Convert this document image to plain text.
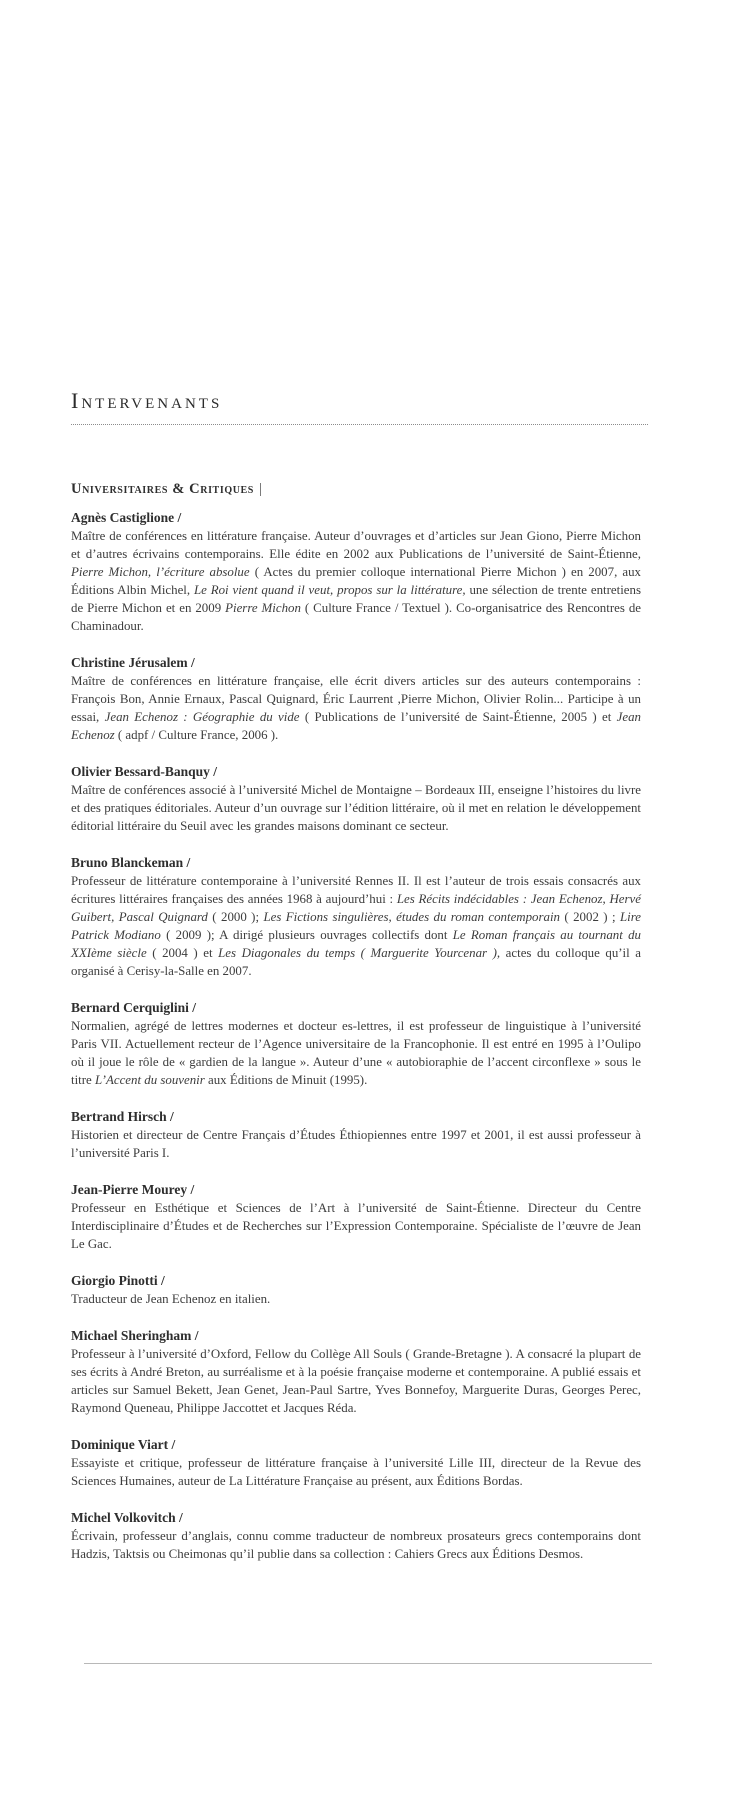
Intervenants
Universitaires & Critiques |
Agnès Castiglione /

Maître de conférences en littérature française. Auteur d’ouvrages et d’articles sur Jean Giono, Pierre Michon et d’autres écrivains contemporains. Elle édite en 2002 aux Publications de l’université de Saint-Étienne, Pierre Michon, l’écriture absolue ( Actes du premier colloque international Pierre Michon ) en 2007, aux Éditions Albin Michel, Le Roi vient quand il veut, propos sur la littérature, une sélection de trente entretiens de Pierre Michon et en 2009 Pierre Michon ( Culture France / Textuel ). Co-organisatrice des Rencontres de Chaminadour.

Christine Jérusalem /

Maître de conférences en littérature française, elle écrit divers articles sur des auteurs contemporains : François Bon, Annie Ernaux, Pascal Quignard, Éric Laurrent ,Pierre Michon, Olivier Rolin... Participe à un essai, Jean Echenoz : Géographie du vide ( Publications de l’université de Saint-Étienne, 2005 ) et Jean Echenoz ( adpf / Culture France, 2006 ).

Olivier Bessard-Banquy /

Maître de conférences associé à l’université Michel de Montaigne – Bordeaux III, enseigne l’histoires du livre et des pratiques éditoriales. Auteur d’un ouvrage sur l’édition littéraire, où il met en relation le développement éditorial littéraire du Seuil avec les grandes maisons dominant ce secteur.

Bruno Blanckeman /

Professeur de littérature contemporaine à l’université Rennes II. Il est l’auteur de trois essais consacrés aux écritures littéraires françaises des années 1968 à aujourd’hui : Les Récits indécidables : Jean Echenoz, Hervé Guibert, Pascal Quignard ( 2000 ); Les Fictions singulières, études du roman contemporain ( 2002 ) ; Lire Patrick Modiano ( 2009 ); A dirigé plusieurs ouvrages collectifs dont Le Roman français au tournant du XXIème siècle ( 2004 ) et Les Diagonales du temps ( Marguerite Yourcenar ), actes du colloque qu’il a organisé à Cerisy-la-Salle en 2007.

Bernard Cerquiglini /

Normalien, agrégé de lettres modernes et docteur es-lettres, il est professeur de linguistique à l’université Paris VII. Actuellement recteur de l’Agence universitaire de la Francophonie. Il est entré en 1995 à l’Oulipo où il joue le rôle de « gardien de la langue ». Auteur d’une « autobioraphie de l’accent circonflexe » sous le titre L’Accent du souvenir aux Éditions de Minuit (1995).

Bertrand Hirsch /

Historien et directeur de Centre Français d’Études Éthiopiennes entre 1997 et 2001, il est aussi professeur à l’université Paris I.

Jean-Pierre Mourey /

Professeur en Esthétique et Sciences de l’Art à l’université de Saint-Étienne. Directeur du Centre Interdisciplinaire d’Études et de Recherches sur l’Expression Contemporaine. Spécialiste de l’œuvre de Jean Le Gac.

Giorgio Pinotti /

Traducteur de Jean Echenoz en italien.

Michael Sheringham /

Professeur à l’université d’Oxford, Fellow du Collège All Souls ( Grande-Bretagne ). A consacré la plupart de ses écrits à André Breton, au surréalisme et à la poésie française moderne et contemporaine. A publié essais et articles sur Samuel Bekett, Jean Genet, Jean-Paul Sartre, Yves Bonnefoy, Marguerite Duras, Georges Perec, Raymond Queneau, Philippe Jaccottet et Jacques Réda.

Dominique Viart /

Essayiste et critique, professeur de littérature française à l’université Lille III, directeur de la Revue des Sciences Humaines, auteur de La Littérature Française au présent, aux Éditions Bordas.

Michel Volkovitch /

Écrivain, professeur d’anglais, connu comme traducteur de nombreux prosateurs grecs contemporains dont Hadzis, Taktsis ou Cheimonas qu’il publie dans sa collection : Cahiers Grecs aux Éditions Desmos.
